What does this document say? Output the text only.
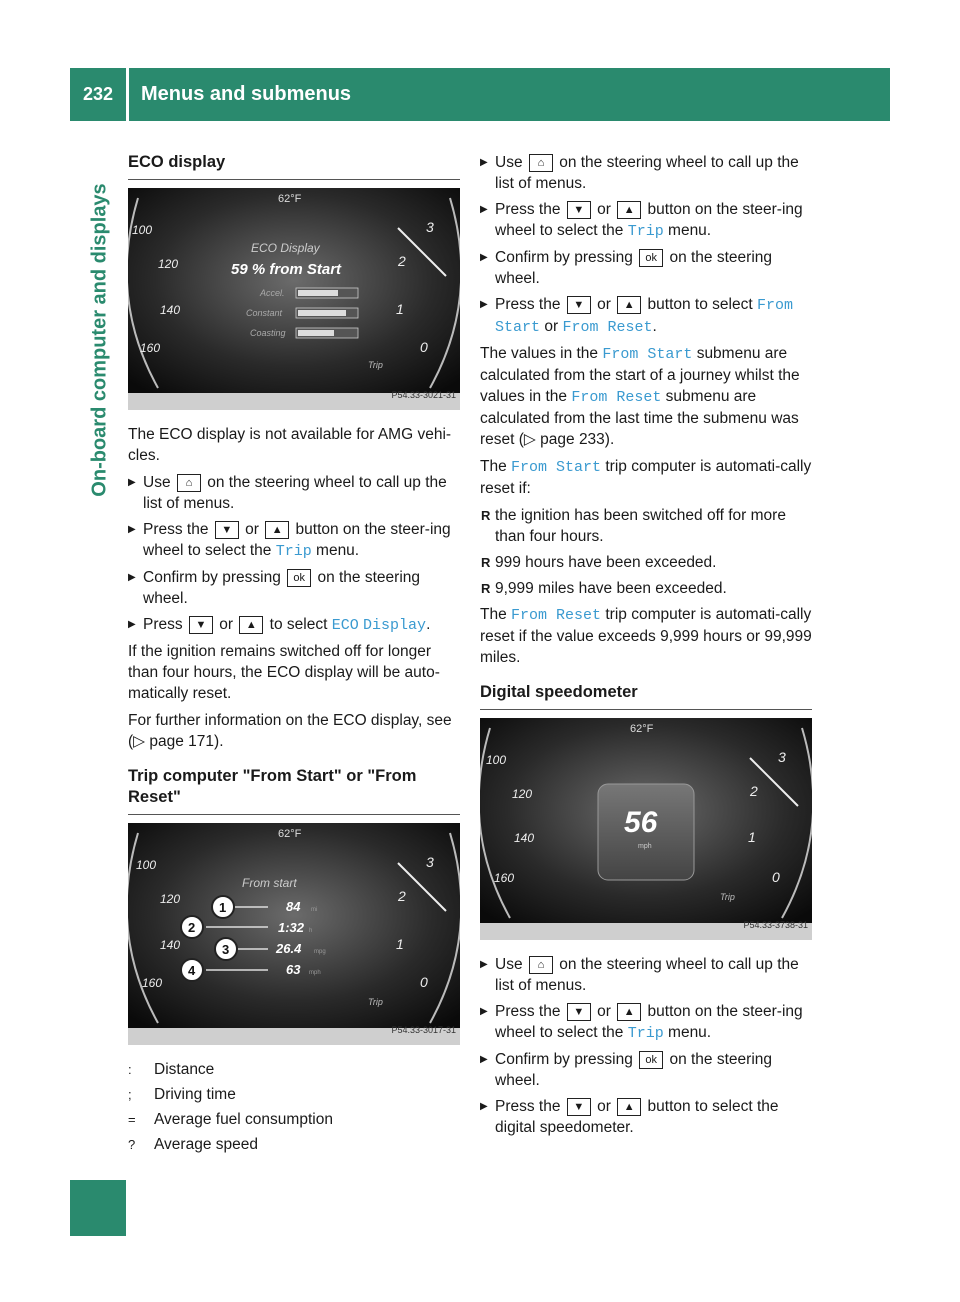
232	Menus and submenus
On-board computer and displays
ECO display
62°F
ECO Display
59 % from Start
Accel.
Constant
Coasting
100
120
140
160
3
2
1
0
Trip
P54.33-3021-31

The ECO display is not available for AMG vehi-cles.

▶ Use ⌂ on the steering wheel to call up the list of menus.
▶ Press the ▼ or ▲ button on the steer-ing wheel to select the Trip menu.
▶ Confirm by pressing ok on the steering wheel.
▶ Press ▼ or ▲ to select ECO Display.

If the ignition remains switched off for longer than four hours, the ECO display will be auto-matically reset.

For further information on the ECO display, see (▷ page 171).

Trip computer "From Start" or "From Reset"
62°F
From start
84
1:32
26.4
63
mi
h
mpg
mph
1
2
3
4
100
120
140
160
3
2
1
0
Trip
P54.33-3017-31
:	Distance
;	Driving time
=	Average fuel consumption
?	Average speed
▶ Use ⌂ on the steering wheel to call up the list of menus.
▶ Press the ▼ or ▲ button on the steer-ing wheel to select the Trip menu.
▶ Confirm by pressing ok on the steering wheel.
▶ Press the ▼ or ▲ button to select From Start or From Reset.

The values in the From Start submenu are calculated from the start of a journey whilst the values in the From Reset submenu are calculated from the last time the submenu was reset (▷ page 233).

The From Start trip computer is automati-cally reset if:

R the ignition has been switched off for more than four hours.
R 999 hours have been exceeded.
R 9,999 miles have been exceeded.

The From Reset trip computer is automati-cally reset if the value exceeds 9,999 hours or 99,999 miles.

Digital speedometer
62°F
56
mph
100
120
140
160
3
2
1
0
Trip
P54.33-3738-31
▶ Use ⌂ on the steering wheel to call up the list of menus.
▶ Press the ▼ or ▲ button on the steer-ing wheel to select the Trip menu.
▶ Confirm by pressing ok on the steering wheel.
▶ Press the ▼ or ▲ button to select the digital speedometer.
